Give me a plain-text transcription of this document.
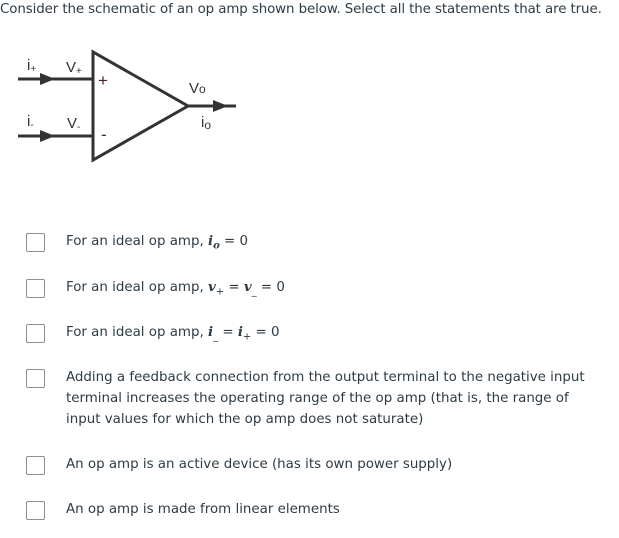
Consider the schematic of an op amp shown below. Select all the statements that are true.
i+ V+
i- V-
+
-
Vo
io
For an ideal op amp, $i_o = 0$
For an ideal op amp, $v_+ = v_{\_} = 0$
For an ideal op amp, $i_{\_} = i_+ = 0$
Adding a feedback connection from the output terminal to the negative input terminal increases the operating range of the op amp (that is, the range of input values for which the op amp does not saturate)
An op amp is an active device (has its own power supply)
An op amp is made from linear elements
